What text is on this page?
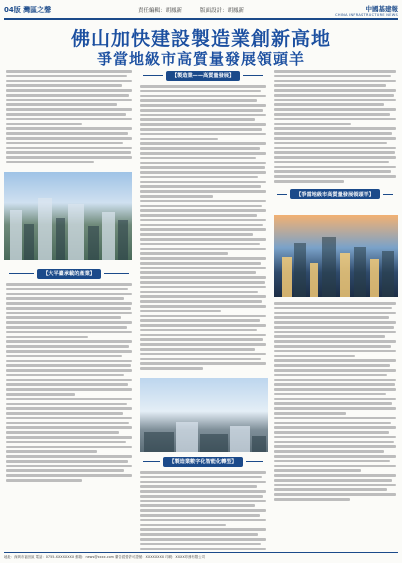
04版 灣區之聲	責任編輯：胡鳳新	版面設計：胡鳳新	中國基建報
CHINA INFRASTRUCTURE NEWS
佛山加快建設製造業創新高地
爭當地級市高質量發展領頭羊
【大平臺承載的產業】
【製造業——高質量發展】
【製造業數字化智能化轉型】
【爭當地級市高質量發展領頭羊】
地址：深圳市福田區 電話：0755-XXXXXXXX 郵箱：news@xxxx.com 廣告經營許可證號：XXXXXXXX 印刷：XXXX印務有限公司
